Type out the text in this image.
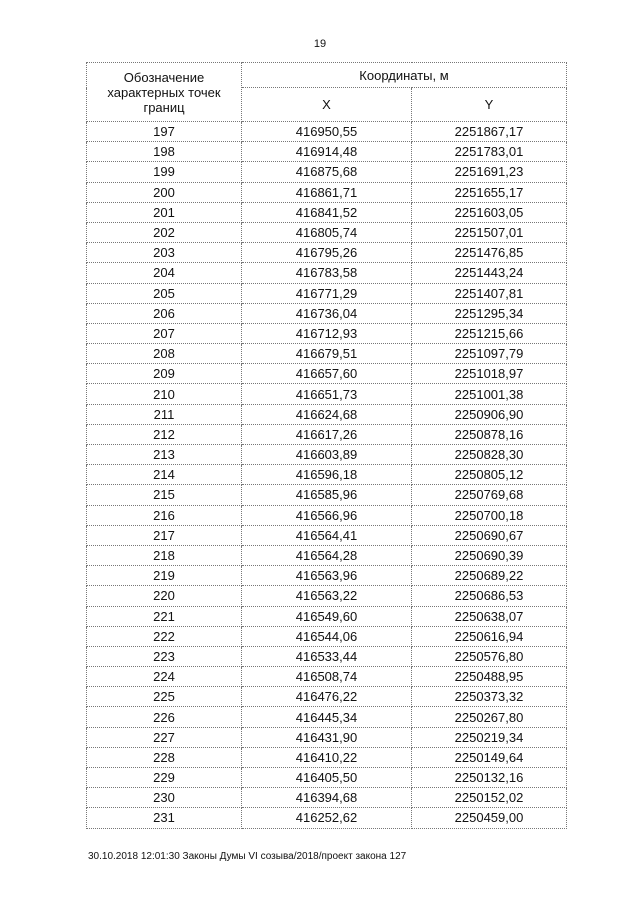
19
Обозначение характерных точек границ	Координаты, м	
	X	Y
197	416950,55	2251867,17
198	416914,48	2251783,01
199	416875,68	2251691,23
200	416861,71	2251655,17
201	416841,52	2251603,05
202	416805,74	2251507,01
203	416795,26	2251476,85
204	416783,58	2251443,24
205	416771,29	2251407,81
206	416736,04	2251295,34
207	416712,93	2251215,66
208	416679,51	2251097,79
209	416657,60	2251018,97
210	416651,73	2251001,38
211	416624,68	2250906,90
212	416617,26	2250878,16
213	416603,89	2250828,30
214	416596,18	2250805,12
215	416585,96	2250769,68
216	416566,96	2250700,18
217	416564,41	2250690,67
218	416564,28	2250690,39
219	416563,96	2250689,22
220	416563,22	2250686,53
221	416549,60	2250638,07
222	416544,06	2250616,94
223	416533,44	2250576,80
224	416508,74	2250488,95
225	416476,22	2250373,32
226	416445,34	2250267,80
227	416431,90	2250219,34
228	416410,22	2250149,64
229	416405,50	2250132,16
230	416394,68	2250152,02
231	416252,62	2250459,00
30.10.2018 12:01:30 Законы Думы VI созыва/2018/проект закона 127
